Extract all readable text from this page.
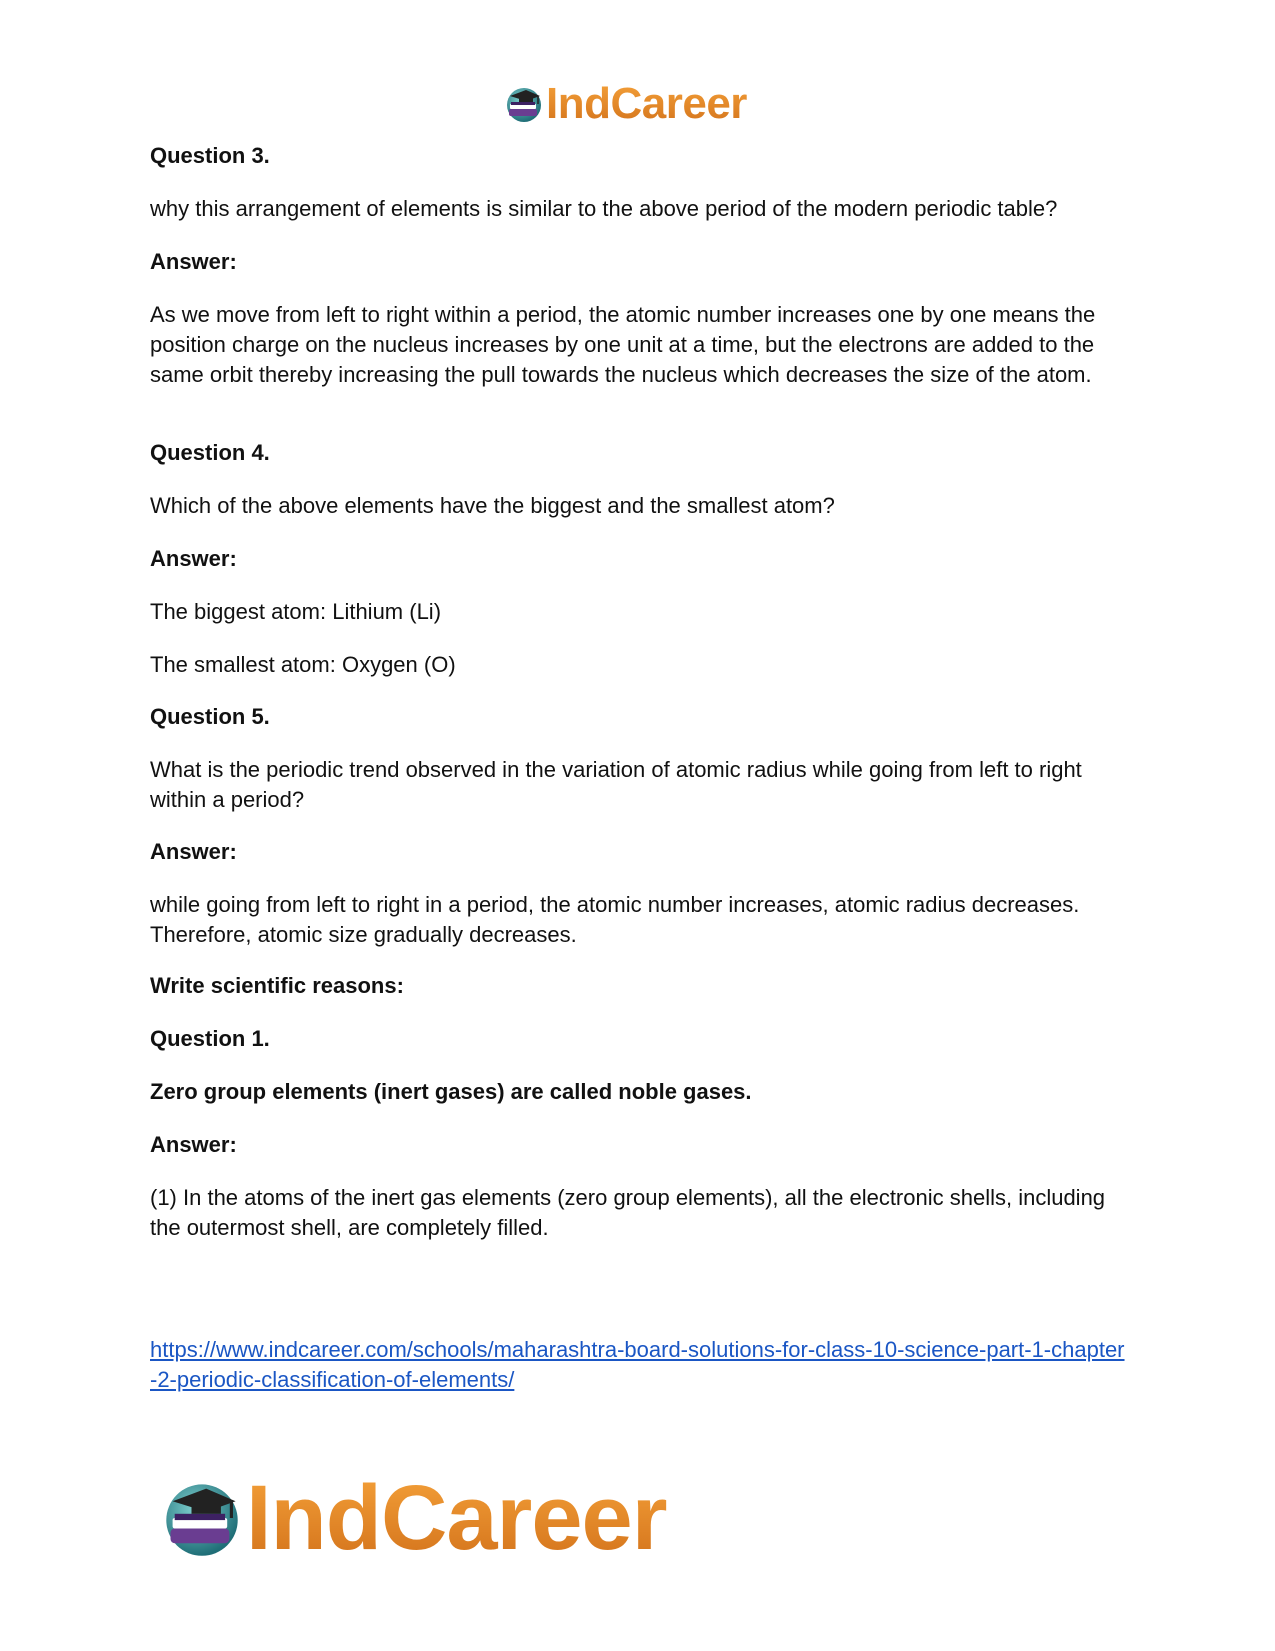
IndCareer

Question 3.

why this arrangement of elements is similar to the above period of the modern periodic table?

Answer:

As we move from left to right within a period, the atomic number increases one by one means the position charge on the nucleus increases by one unit at a time, but the electrons are added to the same orbit thereby increasing the pull towards the nucleus which decreases the size of the atom.

Question 4.

Which of the above elements have the biggest and the smallest atom?

Answer:

The biggest atom: Lithium (Li)

The smallest atom: Oxygen (O)

Question 5.

What is the periodic trend observed in the variation of atomic radius while going from left to right within a period?

Answer:

while going from left to right in a period, the atomic number increases, atomic radius decreases. Therefore, atomic size gradually decreases.

Write scientific reasons:

Question 1.

Zero group elements (inert gases) are called noble gases.

Answer:

(1) In the atoms of the inert gas elements (zero group elements), all the electronic shells, including the outermost shell, are completely filled.

https://www.indcareer.com/schools/maharashtra-board-solutions-for-class-10-science-part-1-chapter-2-periodic-classification-of-elements/
IndCareer
